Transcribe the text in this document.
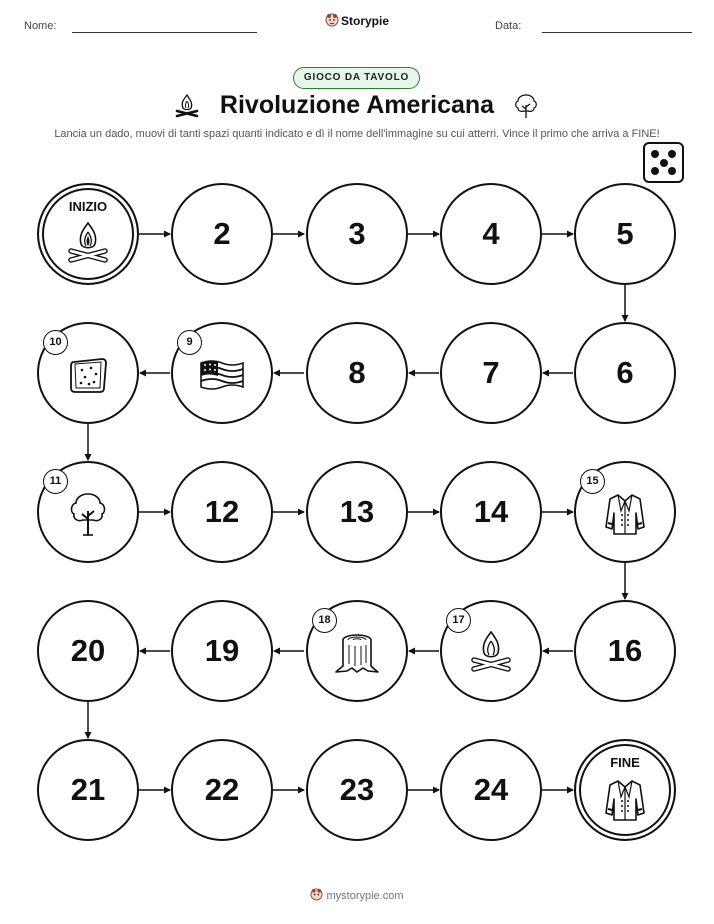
Nome:	Storypie	Data:
GIOCO DA TAVOLO
Rivoluzione Americana
Lancia un dado, muovi di tanti spazi quanti indicato e dì il nome dell'immagine su cui atterri. Vince il primo che arriva a FINE!
INIZIO
2	3	4	5
6
7
8
9
10
11
12	13	14
15
16
17
18
19
20
21	22	23	24
FINE
mystorypie.com
